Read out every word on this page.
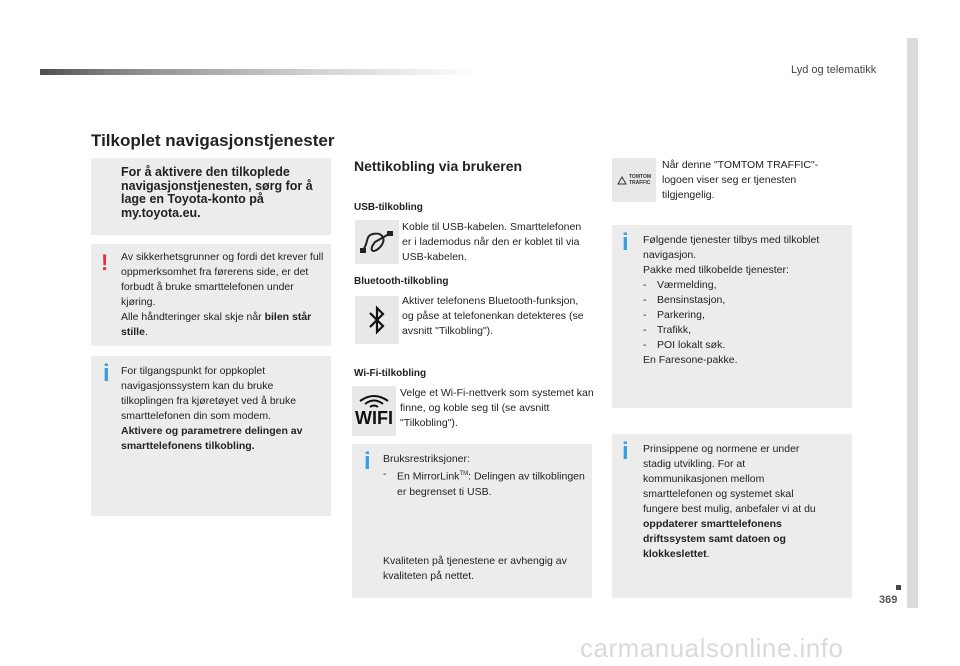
Lyd og telematikk
369
carmanualsonline.info
Tilkoplet navigasjonstjenester
For å aktivere den tilkoplede navigasjonstjenesten, sørg for å lage en Toyota-konto på my.toyota.eu.
! Av sikkerhetsgrunner og fordi det krever full oppmerksomhet fra førerens side, er det forbudt å bruke smarttelefonen under kjøring.
Alle håndteringer skal skje når bilen står stille.
i For tilgangspunkt for oppkoplet navigasjonssystem kan du bruke tilkoplingen fra kjøretøyet ved å bruke smarttelefonen din som modem.
Aktivere og parametrere delingen av smarttelefonens tilkobling.
Nettikobling via brukeren
USB-tilkobling
Koble til USB-kabelen. Smarttelefonen er i lademodus når den er koblet til via USB-kabelen.
Bluetooth-tilkobling
Aktiver telefonens Bluetooth-funksjon, og påse at telefonenkan detekteres (se avsnitt "Tilkobling").
Wi-Fi-tilkobling
WIFI
Velge et Wi-Fi-nettverk som systemet kan finne, og koble seg til (se avsnitt "Tilkobling").
i Bruksrestriksjoner:

-	En MirrorLink™: Delingen av tilkoblingen er begrenset ti USB.
Kvaliteten på tjenestene er avhengig av kvaliteten på nettet.
TOMTOM
TRAFFIC
Når denne "TOMTOM TRAFFIC"-logoen viser seg er tjenesten tilgjengelig.
i Følgende tjenester tilbys med tilkoblet navigasjon.
Pakke med tilkobelde tjenester:
- Værmelding,
- Bensinstasjon,
- Parkering,
- Trafikk,
- POI lokalt søk.
En Faresone-pakke.
i Prinsippene og normene er under stadig utvikling. For at kommunikasjonen mellom smarttelefonen og systemet skal fungere best mulig, anbefaler vi at du oppdaterer smarttelefonens driftssystem samt datoen og klokkeslettet.
